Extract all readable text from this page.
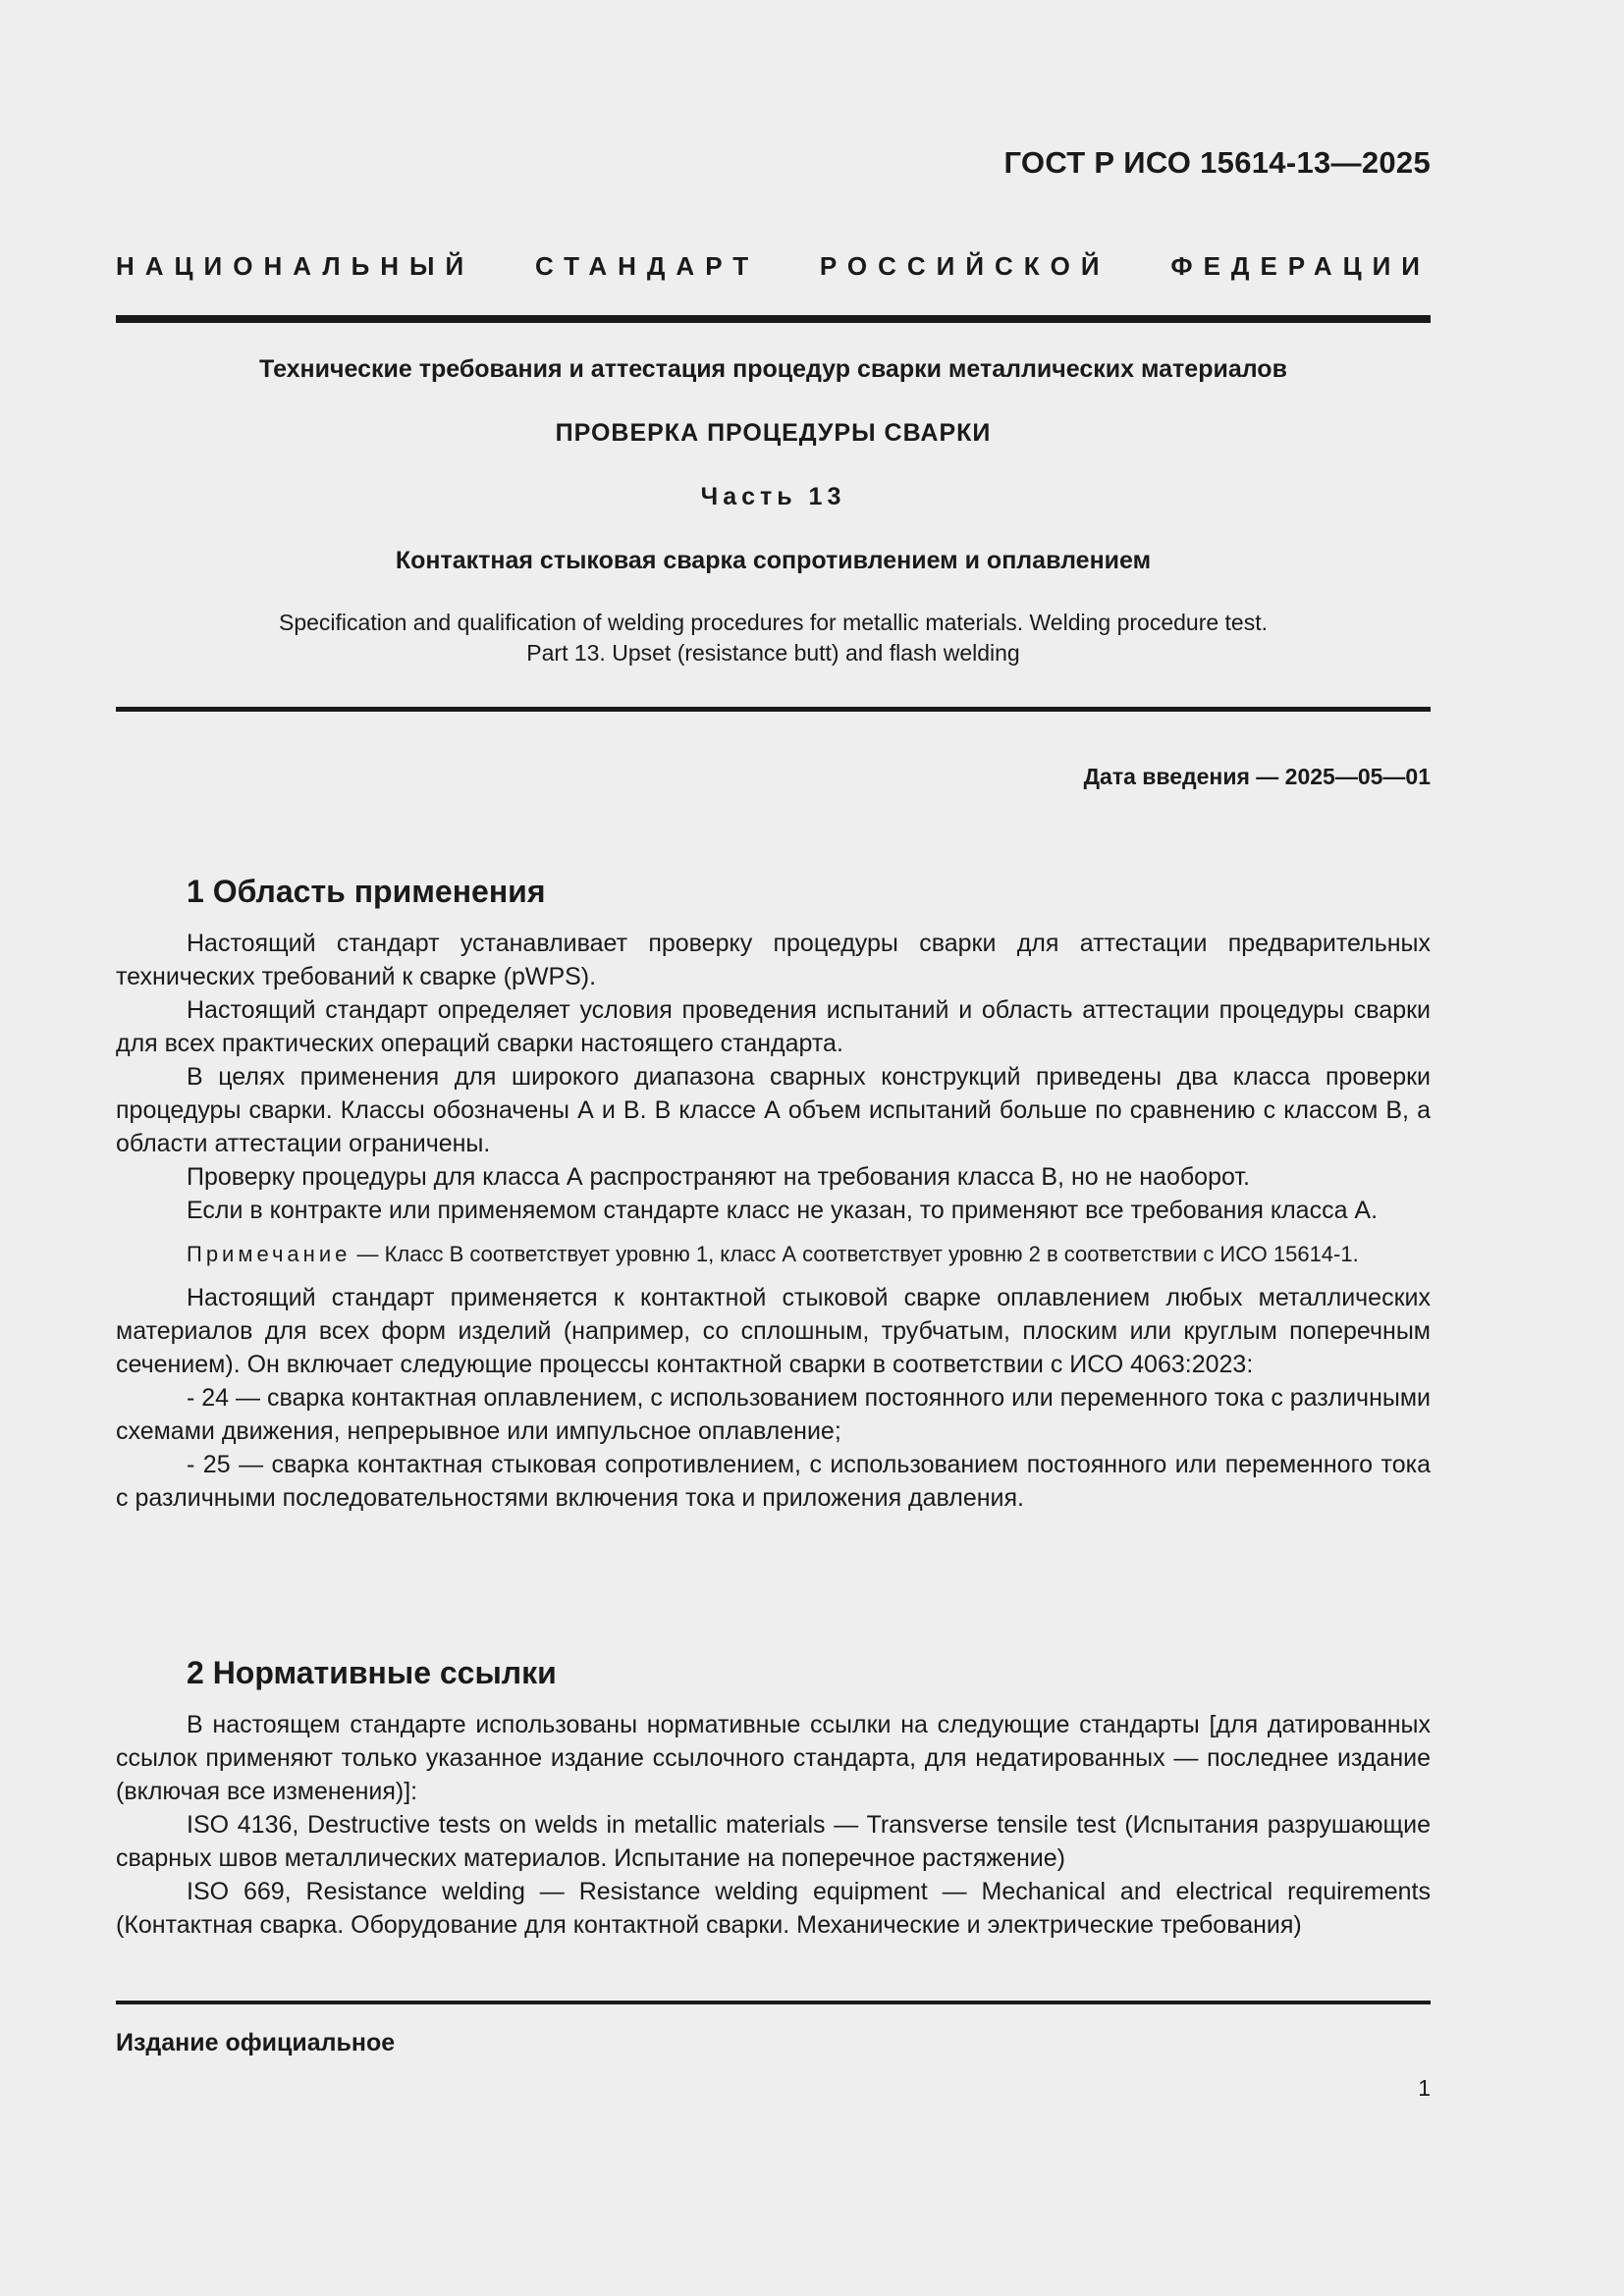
ГОСТ Р ИСО 15614-13—2025
НАЦИОНАЛЬНЫЙ СТАНДАРТ РОССИЙСКОЙ ФЕДЕРАЦИИ
Технические требования и аттестация процедур сварки металлических материалов
ПРОВЕРКА ПРОЦЕДУРЫ СВАРКИ
Часть 13
Контактная стыковая сварка сопротивлением и оплавлением
Specification and qualification of welding procedures for metallic materials. Welding procedure test.
Part 13. Upset (resistance butt) and flash welding
Дата введения — 2025—05—01
1 Область применения

Настоящий стандарт устанавливает проверку процедуры сварки для аттестации предварительных технических требований к сварке (pWPS).

Настоящий стандарт определяет условия проведения испытаний и область аттестации процедуры сварки для всех практических операций сварки настоящего стандарта.

В целях применения для широкого диапазона сварных конструкций приведены два класса проверки процедуры сварки. Классы обозначены А и В. В классе А объем испытаний больше по сравнению с классом В, а области аттестации ограничены.

Проверку процедуры для класса А распространяют на требования класса В, но не наоборот.

Если в контракте или применяемом стандарте класс не указан, то применяют все требования класса А.

Примечание — Класс В соответствует уровню 1, класс А соответствует уровню 2 в соответствии с ИСО 15614-1.

Настоящий стандарт применяется к контактной стыковой сварке оплавлением любых металлических материалов для всех форм изделий (например, со сплошным, трубчатым, плоским или круглым поперечным сечением). Он включает следующие процессы контактной сварки в соответствии с ИСО 4063:2023:

- 24 — сварка контактная оплавлением, с использованием постоянного или переменного тока с различными схемами движения, непрерывное или импульсное оплавление;

- 25 — сварка контактная стыковая сопротивлением, с использованием постоянного или переменного тока с различными последовательностями включения тока и приложения давления.

2 Нормативные ссылки

В настоящем стандарте использованы нормативные ссылки на следующие стандарты [для датированных ссылок применяют только указанное издание ссылочного стандарта, для недатированных — последнее издание (включая все изменения)]:

ISO 4136, Destructive tests on welds in metallic materials — Transverse tensile test (Испытания разрушающие сварных швов металлических материалов. Испытание на поперечное растяжение)

ISO 669, Resistance welding — Resistance welding equipment — Mechanical and electrical requirements (Контактная сварка. Оборудование для контактной сварки. Механические и электрические требования)

Издание официальное
1
